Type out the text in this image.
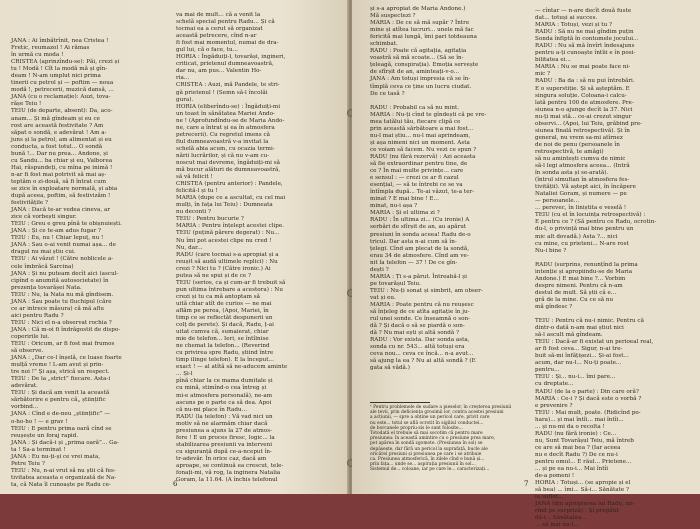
JANA : Ai îmbătrînit, nea Cristea !
Fretic, reumazol ! Ai rămas
în urmă cu moda !
CRISTEA (aprinzîndu-se): Păi, crezi și
tu ! Modă ! Cît la modă mă și gîn-
deam ! N-am umplut nici prima
tinerii cu petrol și — poftim — noua
modă !, petrecerii, muzică dansă, ...
JANA (cu o reclamație): Auzi, tova-
rășe Teiu !
TEIU (de departe, absent): Da, aco-
anam... Și mă gîndeam și eu ce
rost are această festivitate ? Am
săpat o sondă, e adevărat ! Am a-
juns și la petrol, am alimentat și eu
conducta, a fost totul... O sondă
bună !... Dar nu prea... Andone, și
cu Sandu... ba chiar și eu, Valborea
Hai, răspundeți, cu mîna pe inimă !
n-ar fi fost mai potrivit să mai aș-
teptăm o zi-două, să fi întrat cum
se zice în exploatare normală, și abia
după aceea, poftim, să festivizăm !
festivitățile ?
JANA : Dacă te-ar vedea cineva, ar
zice că vorbești singur.
TEIU : Greu e greu pînă te obișnuiești.
JANA : Și ce te-am adus fugar ?
TEIU : Eu, nu ! Chiar Iepuț, nu !
JANA : Sau o-ai venit numai așa... de
dragul nu mai știu cui.
TEIU : Ai văzut ! (Către noblicele a-
cele îmbrăcă Sarcina)
JANA : Și nu puteam decît aici (ascul-
cipînd o anumită autosocietate) în
prezența tovarășei Nata.
TEIU : Nu, la Nata nu mă gîndisem.
JANA : Sau poate tu fluchipul (căre
ce ar intrece măsura) că mă aflu
aici pentru Radu ?
TEIU : Nici el n-a observat rochia ?
JANA : Că m-oi fi îndrăgostit de dispo-
coperirile lui.
TEIU : Oricum, ar fi fost mai frumos
să observe.
JANA : „Dar ce-l înșelă, ce luase foarte
mulță vreme ! L-am avut și prin-
tre noi !” Și așa, strică un respect.
TEIU : De la „strict” fiecare. Asta-i
adevărat.
TEIU : Și dacă am venit la această
sărbătorire e pentru că„ științific
vorbind...
JANA : Cînd e de-neu „științific” —
o-ho-ho ! — e grav !
TEIU : E pentru prima oară cînd se
reușește un foraj rapid.
JANA : Și dacă-i și „prima oară”... Ga-
ta ! Sa-a terminat !
JANA : Eu nu-ți-și ce vrei mata,
Petre Teiu ?
TEIU : Nu, n-ai vrut să nu știi că fes-
tivitatea aceasta e organizată de Na-
ta, că Nata îl cunoaște pe Radu ce-
va mai de mult... că a venit la
schelă special pentru Radu... Și că
tocmai ea a cerut să organizat
această petrecere, cînd n-ar
fi fost mai momentul, numai de dra-
gul lui, că o face, tu...
HORIA : Îngăduiți-l, tovarăși, ingineri,
criticat, prietenul dumneavoastră,
dar nu, am pus... Valentin Ho-
ria...
CRISTEA : Auzi, mă Pandele, te stri-
gă prietenul ! (Semn să-l încolăi
gura).
HORIA (eliberîndu-se) : Îngăduiți-mi
un toast în sănătatea Mariei Ando-
ne ! (Aprofundîndu-se de Maria Ando-
ne, care a întrat și ea în atmosfera
petrecerii). Cu regretul imens că
fiul dumneavoastră v-a invitat la
schelă abia acum, cu ocazia termi-
nării lucrărilor, și că nu v-am cu-
noscut mai devreme, îngăduiți-mi să
mă bucur alături de dumneavoastră,
să vă felicit !
CRISTEA (pentru anterior) : Pandele,
felicită-l și tu !
MARIA (dupe ce a ascultat, cu cel mai
mulți, în fața lui Teiu) : Dumneata
nu deconti ?
TEIU : Pentru bucurie ?
MARIA : Pentru înțelept acestei clipe.
TEIU (puțină părere degerat) : Nu...
Nu îmi pot acestei clipe nu cred !
Nu, dar...
RADU (care tocmai s-a apropiat și a
reușit să audă ultimele replici) : Nu
crezi ? Nici tu ? (Către ironic.) Ai
putea să ne spui și de ce ?
TEIU (serios, ca și cum-ar fi trebuit să
pun ultima întrebare a acestora) : Nu
crezi și tu ca mă antoptam să
uită chiar atît de curios — ne mai
aflăm pe perea, (Apoi, Mariei, în
timp ce se reflectăt despunerii un
colț de perete). Și dacă, Radu, ț-ai
uitat cumva că, sumaierat, chiar
mie de telefon... Ieri, se întîlnise
ne chemat la telefon... (Reverind
cu privirea spre Radu, știind între
timp ilinge telefon). E la început...
exact ! — al atîtă să ne-aducem aminte
... Și-l
pînă chiar la ce mama dumitale și
cu mină, stimînd-o cea întreg și
mi-e atmosfera personală), ne-am
ascuns pe o parte ca să dea. Apoi
că nu-mi place în Radu...
RADU (la telefon) : Vă vad nici un
motiv să ne alarmăm chiar dacă
presiunea a ajuns la 27 de atmos-
fere ! E un proces firesc, logic... la
stabilizarea presiunii va interveni
cu siguranță după ce-a-nceput în-
tr-adevăr. În orice caz, dacă am
aproape, se continuă ea crescut, tele-
fonați-mi, vă rog, la inginera Natalia
Goram, la 11.64. (A închis telefonul
6
și s-a apropiat de Maria Andone.)
Mă suspectezi ?
MARIA : De ce să mă supăr ? Între
mine și atîtea lucruri... unele mă fac
fericită mai lungă, îmi pari totdeauna
schimbat.
RADU : Poate că agitația, agitația
voastră să mă scoate... (Să se în-
țeleagă, conspirația). Emoția servește
de sfîrșit de an, aminteați-v-o...
JANA : Am totuși impresia că se în-
tîmplă ceva ce ține un lucru ciudat.
De ce tasă ?

RADU : Probabil ca să nu mint.
MARIA : Nu-ți cînd te gîndești că pe vre-
mea tatălui tău, fiecare clipă ce
prin această sărbătoare a mai fost...
nu-l mai știu... nu-l mai aprindeam,
și așa nimeni nici un moment. Asta
ce voiam să facem. Nu vezi ce spun ?
RADU (nu fără rezervă) : Azi aceasta
să fie extraordinar pentru tine, de
ce ? În mai multe privințe... care
e sensul : — crezi ce ar fi cazul
esențial, — să te întrebi ce se va
întîmpla după... Te-ai văzut, te-a ter-
minat ? E mai bine ! E...
minat, nu-i așa ?
MARIA : Și el ultima zi ?
RADU : În ultima zi... (Cu ironie) A
serbări de sfîrșit de an, au apărut
presiuni în sonda aceea! Radu de-o
tricul. Dar asta n-ai cum să în-
țelegi. Cînd am plecat de la sondă,
erau 34 de atmosfere. Cînd am ve-
nit la telefon — 37 ! De ce gîn-
dești ?
MARIA : Ți s-a părut. Întreabă-l și
pe tovarășul Teiu.
TEIU : Nu-ți sonat și simbrit, am obser-
vat și eu.
MARIA : Poate pentru că nu reușesc
să înțeleg de ce atîta agitație în ju-
rul unei sonde. Ce înseamnă o son-
dă ? Și dacă o să se piardă o son-
dă ? Nu mai ești și altă sondă ?
RADU : Vor exista. Dar sonda asta,
sonda cu nr. 543... altă totuși era
ceva nou... ceva ce încă... n-a avut...
să ajung la ea ? Nu ai altă sondă ? (E
gata să vădă.)
— cîntar — n-are decît două fuste
dat... totuși ai succes.
MARIA : Totuși, vezi și tu ?
RADU : Să nu ne mai gîndim puțin
Sonda înfiptă în contumele jocului...
RADU : Nu să mă învîrt îndesajuns
pentru a-ți cunoaște întîii e în posi-
bilitatea ei...
MARIA : Nu se mai poate face ni-
mic ?
RADU : Ba da : să nu pui întrebări.
E o superstiție. Și să așteptăm. E
singura soluție. Coloana-i calcu-
lată pentru 100 de atmosfere. Pre-
siunea n-o ajunge decît la 37. Nici
nu-ți mai stă... ce-ai crezut singur
observi... (Apoi, lui Teiu, grăbind pre-
siunea finală retrospectivă). Și în
general, nu vrem sa-mi atîrnez
de noi de penu (persoanele în
retrospectivă, te amăgi)
să nu amintești cumva de nimic
să-l legi atmosfera aceea... (Intră
în sonda asta și se-arată).
(întrul simultan în atmosfera fes-
tivității). Vă aștept aici, în încăpere
Nataliei Goram, și numere — pe
— persoanele...
... perevec, în liniștita e veselă !
TEIU (cu el în locuința retrospectivă) :
E pentru ce ? (Să pentru ce Radu, ocrotin-
du-l, o privință mai bine pentru un
mic alt dovadă.) Asta ?... nici
cu mine, cu prieteni... N-are rost
Nu-i bine ?

RADU (surprins, renunțînd la prima
intenție și apropiindu-se de Maria
Andone.) E mai bine ?... Vorbim
despre nimeni. Pentru că n-am
destul de mult. Să știi că e...
gră de la mine. Cu ce să nu
mă gîndesc ?

TEIU : Pentru că nu-i nimic. Pentru că
dintr-o dată n-am mai știut nici
să-l ascult mă gîndeam.
TEIU : Dacă-ar fi existat un perioeal real,
ar fi fost ceva... Sigur, n-ai tre-
buit să-mi înfățișezi... Și-ai fost...
acum, dar nu-l... Nu-ți poate...
pentru...
TEIU : Și... nu-i... îmi pare...
cu dreptate...
RADU (de la o parte) : Din care oră?
MARIA : Ce-i ? Și dacă este o vorbă ?
e prevenire ?
TEIU : Mai mult, poate. (Ridicînd po-
hara)... și mai întîi... mai întîi...
... și nu-mi da o recolta !
RADU (nu fără ironie) : Ce...
nu, Sunt Tovarășul Teiu, mă întreb
ce are să mai bea ? (Iar aceea
nu e decît Radu ?) De ce nu-i
pentru omul... E răul... Prietene...
... și pe ea nu-i... Mai întîi
de-a pomeni !
HORIA : Totuși... (se apropie și el
să bea) ... îmi... Să-i... Sănătate ?
la suflet...
JANA (din apropierea lui Radu, mi-
rînd pe surpriză) : Și pregătit
dă-i... Sănătatea...
... să mai nu-l...
¹ Pentru problemele de sudare a pieselor, în creșterea presiunii
ale țevii, prin deficiența grosimii lor, contra acestei presiuni
a acțiunii, — spre a obține un pericol care, privit care
nu este... totul se află ocrotit în sigiliul conductei...
de borcanele propriu-zis le sunt folosite...
Totodată el trebuie să mai socotim că pentru mare
presiunea: în această amintire cu o presiune prea mare,
pot apărea în sondă zgomote. (Presiunea în sol) se
depășește, dar fără un pericol la suprafață, bucle ale
oricărei presiuni și presiunea pe care i se atribuie
ca. Presiunea atmosferică, în zilele cînd e bună și...
prin fața... unde se... aspirația presiunii în sol...
Sistemul de... coloane, iar pe care le... caracterizați...
7
